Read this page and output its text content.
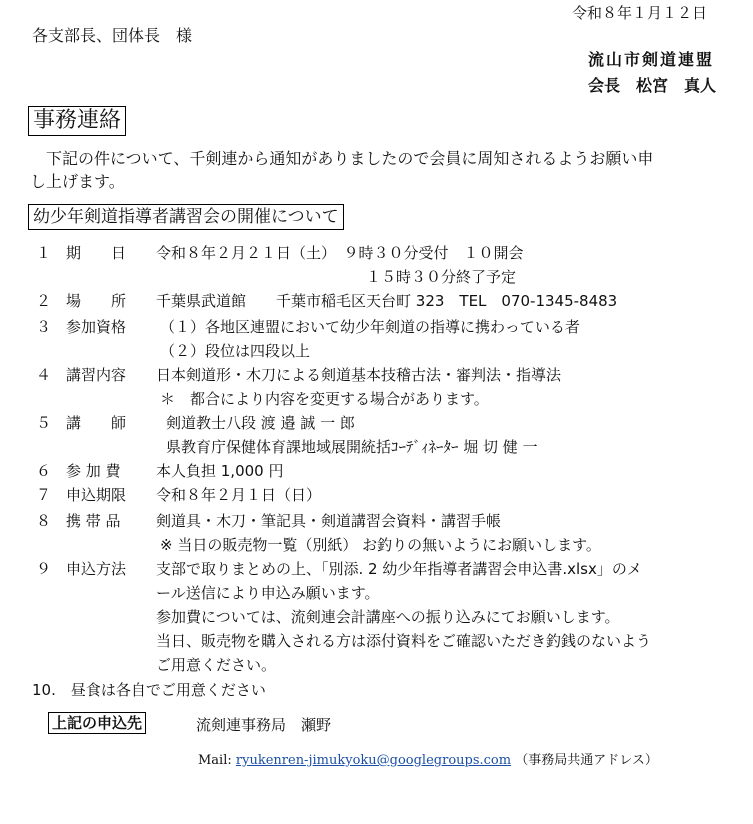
令和８年１月１２日
各支部長、団体長　様
流山市剣道連盟
会長　松宮　真人
事務連絡
　下記の件について、千剣連から通知がありましたので会員に周知されるようお願い申
し上げます。
幼少年剣道指導者講習会の開催について
１ 期　　日 令和８年２月２１日（土）　９時３０分受付　１０開会
　　　　　　　　　　　　　　１５時３０分終了予定
２ 場　　所 千葉県武道館　　千葉市稲毛区天台町 323　TEL　070-1345-8483
３ 参加資格 （１）各地区連盟において幼少年剣道の指導に携わっている者
（２）段位は四段以上
４ 講習内容 日本剣道形・木刀による剣道基本技稽古法・審判法・指導法
＊　都合により内容を変更する場合があります。
５ 講　　師	剣道教士八段 渡 邉 誠 一 郎
県教育庁保健体育課地域展開統括ｺｰﾃﾞｨﾈｰﾀｰ 堀 切 健 一
６ 参 加 費 本人負担 1,000 円
７ 申込期限 令和８年２月１日（日）
８ 携 帯 品 剣道具・木刀・筆記具・剣道講習会資料・講習手帳
※ 当日の販売物一覧（別紙） お釣りの無いようにお願いします。
９ 申込方法 支部で取りまとめの上、「別添. 2 幼少年指導者講習会申込書.xlsx」のメ
ール送信により申込み願います。
参加費については、流剣連会計講座への振り込みにてお願いします。
当日、販売物を購入される方は添付資料をご確認いただき釣銭のないよう
ご用意ください。
10.　昼食は各自でご用意ください
上記の申込先	流剣連事務局　瀬野
Mail: ryukenren-jimukyoku@googlegroups.com （事務局共通アドレス）
